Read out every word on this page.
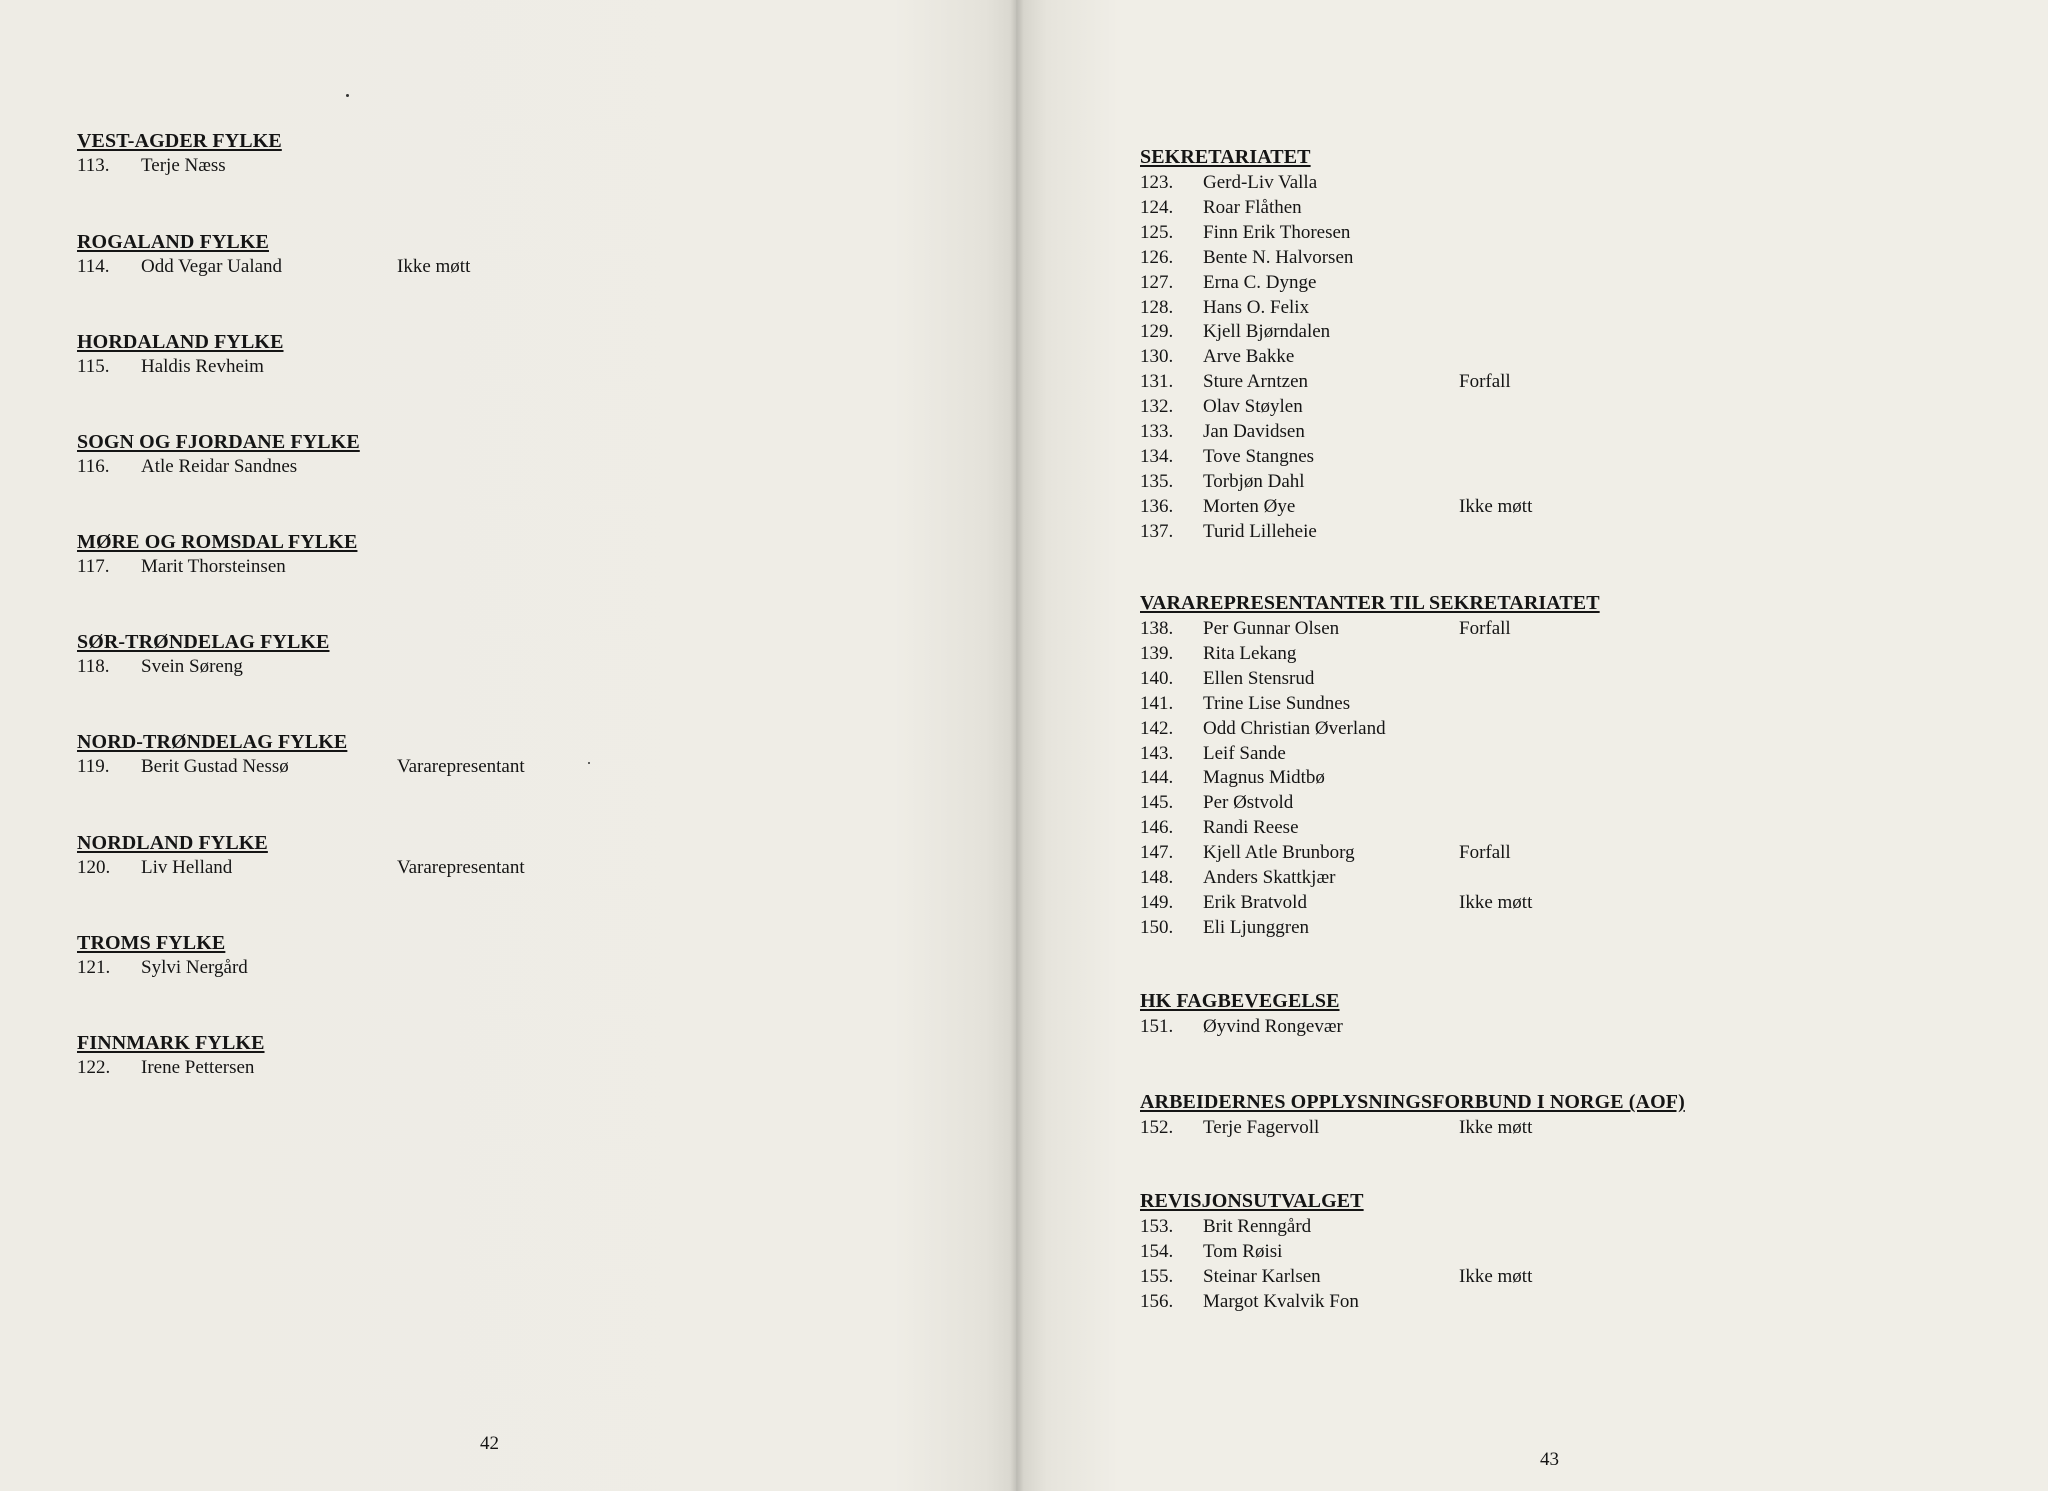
VEST-AGDER FYLKE
113. Terje Næss
ROGALAND FYLKE
114. Odd Vegar Ualand	Ikke møtt
HORDALAND FYLKE
115. Haldis Revheim
SOGN OG FJORDANE FYLKE
116. Atle Reidar Sandnes
MØRE OG ROMSDAL FYLKE
117. Marit Thorsteinsen
SØR-TRØNDELAG FYLKE
118. Svein Søreng
NORD-TRØNDELAG FYLKE
119. Berit Gustad Nessø	Vararepresentant
NORDLAND FYLKE
120. Liv Helland	Vararepresentant
TROMS FYLKE
121. Sylvi Nergård
FINNMARK FYLKE
122. Irene Pettersen
SEKRETARIATET
123. Gerd-Liv Valla
124. Roar Flåthen
125. Finn Erik Thoresen
126. Bente N. Halvorsen
127. Erna C. Dynge
128. Hans O. Felix
129. Kjell Bjørndalen
130. Arve Bakke
131. Sture Arntzen	Forfall
132. Olav Støylen
133. Jan Davidsen
134. Tove Stangnes
135. Torbjøn Dahl
136. Morten Øye	Ikke møtt
137. Turid Lilleheie
VARAREPRESENTANTER TIL SEKRETARIATET
138. Per Gunnar Olsen	Forfall
139. Rita Lekang
140. Ellen Stensrud
141. Trine Lise Sundnes
142. Odd Christian Øverland
143. Leif Sande
144. Magnus Midtbø
145. Per Østvold
146. Randi Reese
147. Kjell Atle Brunborg	Forfall
148. Anders Skattkjær
149. Erik Bratvold	Ikke møtt
150. Eli Ljunggren
HK FAGBEVEGELSE
151. Øyvind Rongevær
ARBEIDERNES OPPLYSNINGSFORBUND I NORGE (AOF)
152. Terje Fagervoll	Ikke møtt
REVISJONSUTVALGET
153. Brit Renngård
154. Tom Røisi
155. Steinar Karlsen	Ikke møtt
156. Margot Kvalvik Fon
42
43
